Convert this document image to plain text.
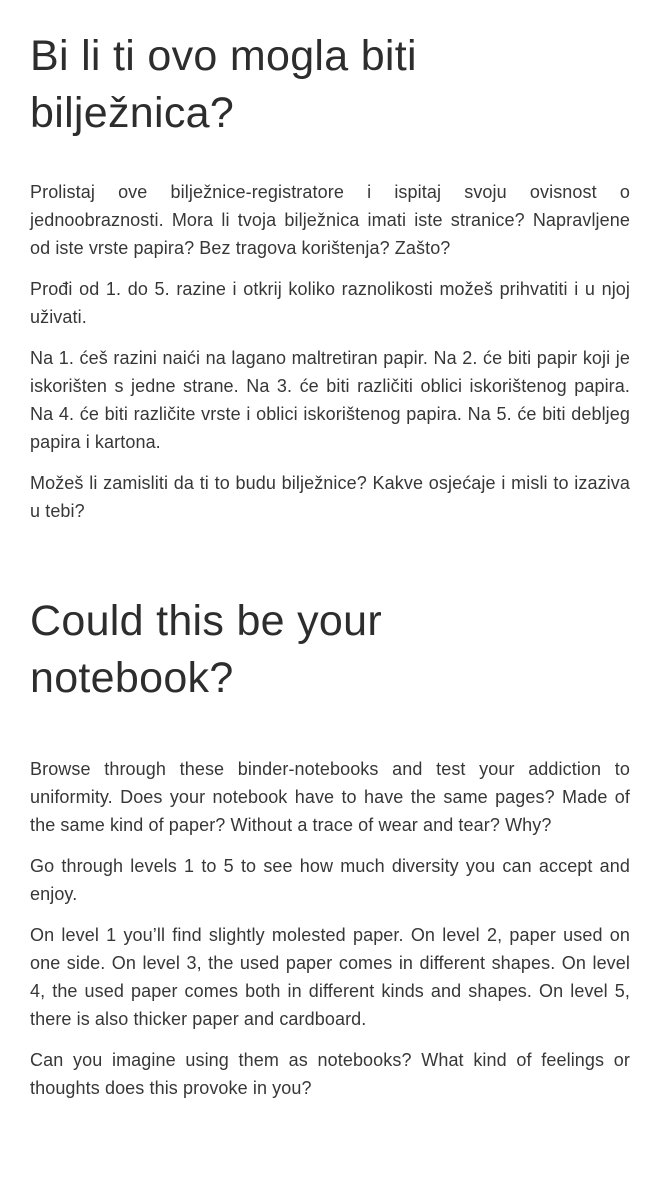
Bi li ti ovo mogla biti bilježnica?

Prolistaj ove bilježnice-registratore i ispitaj svoju ovisnost o jednoobraznosti. Mora li tvoja bilježnica imati iste stranice? Napravljene od iste vrste papira? Bez tragova korištenja? Zašto?

Prođi od 1. do 5. razine i otkrij koliko raznolikosti možeš prihvatiti i u njoj uživati.

Na 1. ćeš razini naići na lagano maltretiran papir. Na 2. će biti papir koji je iskorišten s jedne strane. Na 3. će biti različiti oblici iskorištenog papira. Na 4. će biti različite vrste i oblici iskorištenog papira. Na 5. će biti debljeg papira i kartona.

Možeš li zamisliti da ti to budu bilježnice? Kakve osjećaje i misli to izaziva u tebi?

Could this be your notebook?

Browse through these binder-notebooks and test your addiction to uniformity. Does your notebook have to have the same pages? Made of the same kind of paper? Without a trace of wear and tear? Why?

Go through levels 1 to 5 to see how much diversity you can accept and enjoy.

On level 1 you’ll find slightly molested paper. On level 2, paper used on one side. On level 3, the used paper comes in different shapes. On level 4, the used paper comes both in different kinds and shapes. On level 5, there is also thicker paper and cardboard.

Can you imagine using them as notebooks? What kind of feelings or thoughts does this provoke in you?
